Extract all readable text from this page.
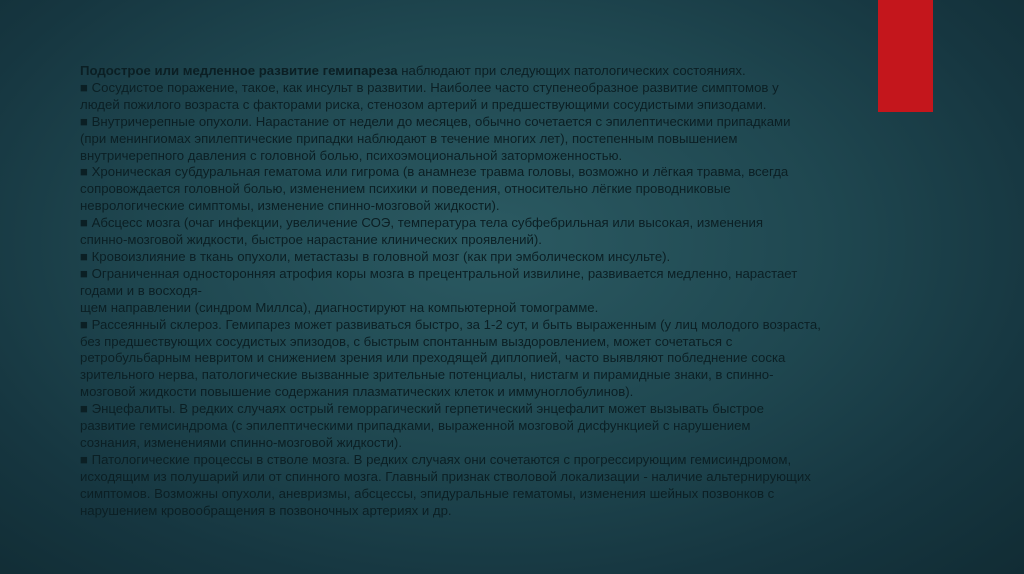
Подострое или медленное развитие гемипареза наблюдают при следующих патологических состояниях.
■ Сосудистое поражение, такое, как инсульт в развитии. Наиболее часто ступенеобразное развитие симптомов у
людей пожилого возраста с факторами риска, стенозом артерий и предшествующими сосудистыми эпизодами.
■ Внутричерепные опухоли. Нарастание от недели до месяцев, обычно сочетается с эпилептическими припадками
(при менингиомах эпилептические припадки наблюдают в течение многих лет), постепенным повышением
внутричерепного давления с головной болью, психоэмоциональной заторможенностью.
■ Хроническая субдуральная гематома или гигрома (в анамнезе травма головы, возможно и лёгкая травма, всегда
сопровождается головной болью, изменением психики и поведения, относительно лёгкие проводниковые
неврологические симптомы, изменение спинно-мозговой жидкости).
■ Абсцесс мозга (очаг инфекции, увеличение СОЭ, температура тела субфебрильная или высокая, изменения
спинно-мозговой жидкости, быстрое нарастание клинических проявлений).
■ Кровоизлияние в ткань опухоли, метастазы в головной мозг (как при эмболическом инсульте).
■ Ограниченная односторонняя атрофия коры мозга в прецентральной извилине, развивается медленно, нарастает
годами и в восходя-
щем направлении (синдром Миллса), диагностируют на компьютерной томограмме.
■ Рассеянный склероз. Гемипарез может развиваться быстро, за 1-2 сут, и быть выраженным (у лиц молодого возраста,
без предшествующих сосудистых эпизодов, с быстрым спонтанным выздоровлением, может сочетаться с
ретробульбарным невритом и снижением зрения или преходящей диплопией, часто выявляют побледнение соска
зрительного нерва, патологические вызванные зрительные потенциалы, нистагм и пирамидные знаки, в спинно-
мозговой жидкости повышение содержания плазматических клеток и иммуноглобулинов).
■ Энцефалиты. В редких случаях острый геморрагический герпетический энцефалит может вызывать быстрое
развитие гемисиндрома (с эпилептическими припадками, выраженной мозговой дисфункцией с нарушением
сознания, изменениями спинно-мозговой жидкости).
■ Патологические процессы в стволе мозга. В редких случаях они сочетаются с прогрессирующим гемисиндромом,
исходящим из полушарий или от спинного мозга. Главный признак стволовой локализации - наличие альтернирующих
симптомов. Возможны опухоли, аневризмы, абсцессы, эпидуральные гематомы, изменения шейных позвонков с
нарушением кровообращения в позвоночных артериях и др.
